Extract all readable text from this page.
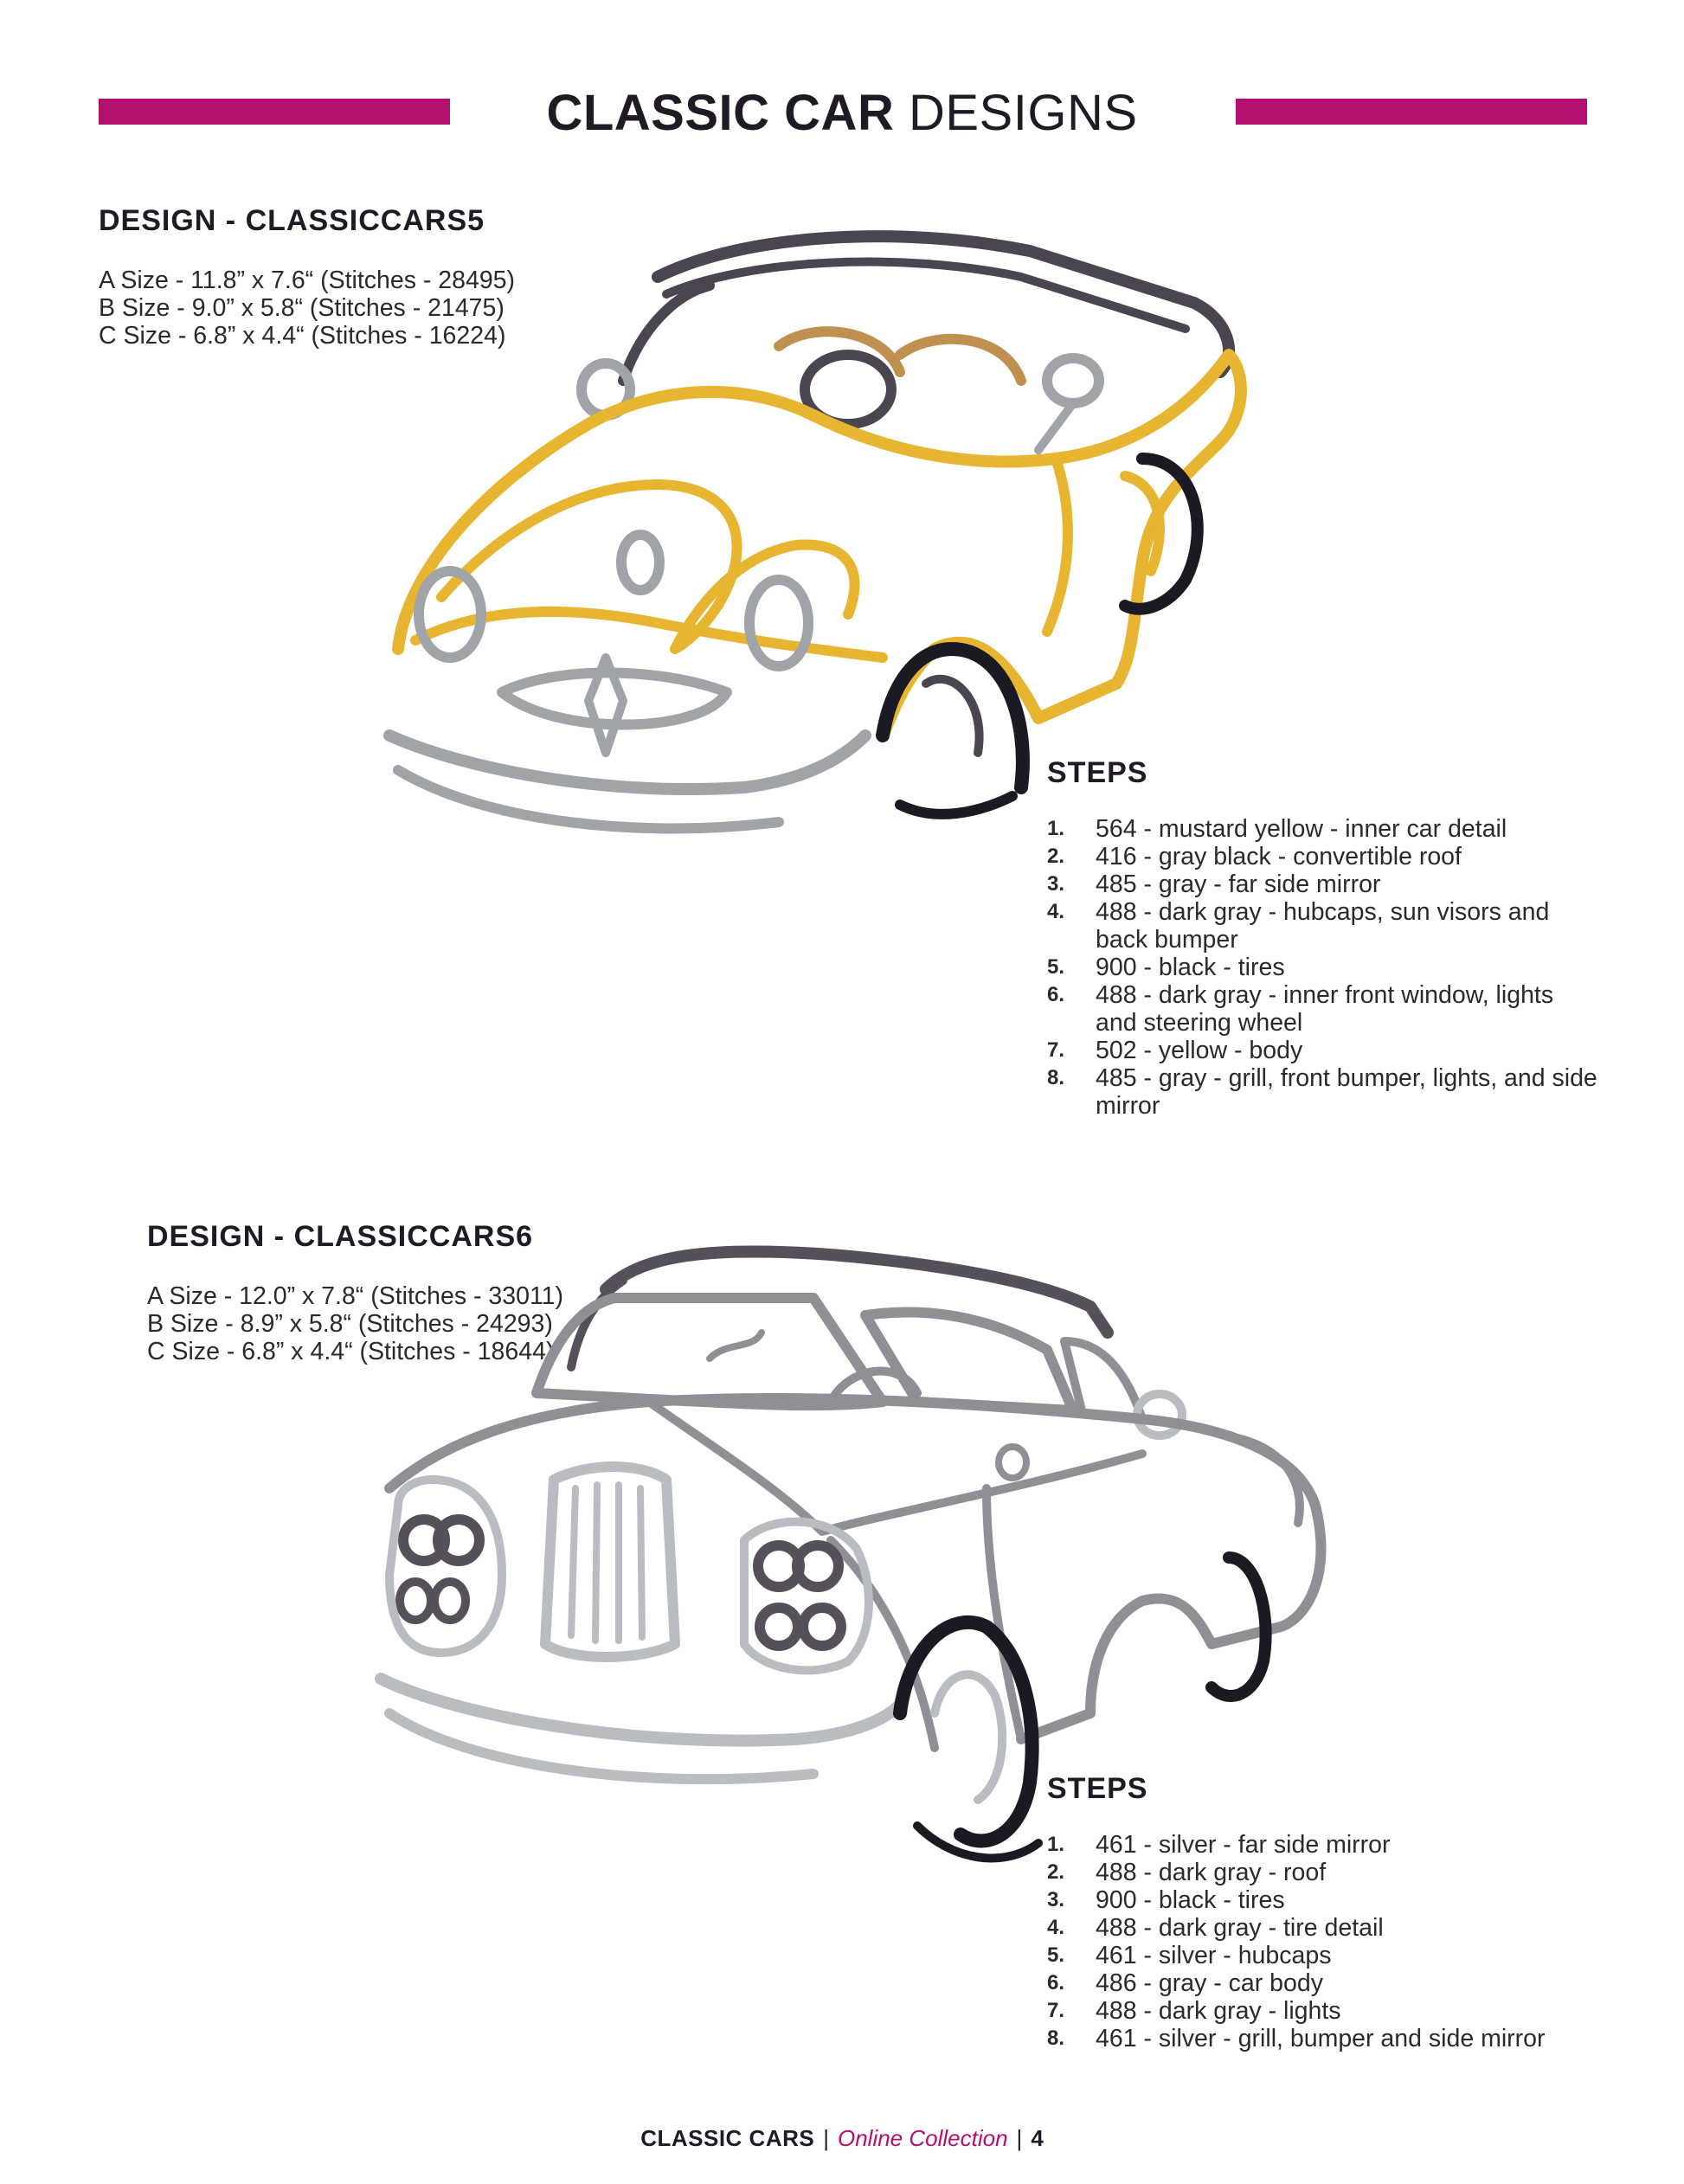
CLASSIC CAR DESIGNS
DESIGN - CLASSICCARS5
A Size - 11.8” x 7.6“ (Stitches - 28495)
B Size - 9.0” x 5.8“ (Stitches - 21475)
C Size - 6.8” x 4.4“ (Stitches - 16224)
STEPS
1.	564 - mustard yellow - inner car detail
2.	416 - gray black - convertible roof
3.	485 - gray - far side mirror
4.	488 - dark gray - hubcaps, sun visors and back bumper
5.	900 - black - tires
6.	488 - dark gray - inner front window, lights and steering wheel
7.	502 - yellow - body
8.	485 - gray - grill, front bumper, lights, and side mirror
DESIGN - CLASSICCARS6
A Size - 12.0” x 7.8“ (Stitches - 33011)
B Size - 8.9” x 5.8“ (Stitches - 24293)
C Size - 6.8” x 4.4“ (Stitches - 18644)
STEPS
1.	461 - silver - far side mirror
2.	488 - dark gray - roof
3.	900 - black - tires
4.	488 - dark gray - tire detail
5.	461 - silver - hubcaps
6.	486 - gray - car body
7.	488 - dark gray - lights
8.	461 - silver - grill, bumper and side mirror
CLASSIC CARS | Online Collection | 4
